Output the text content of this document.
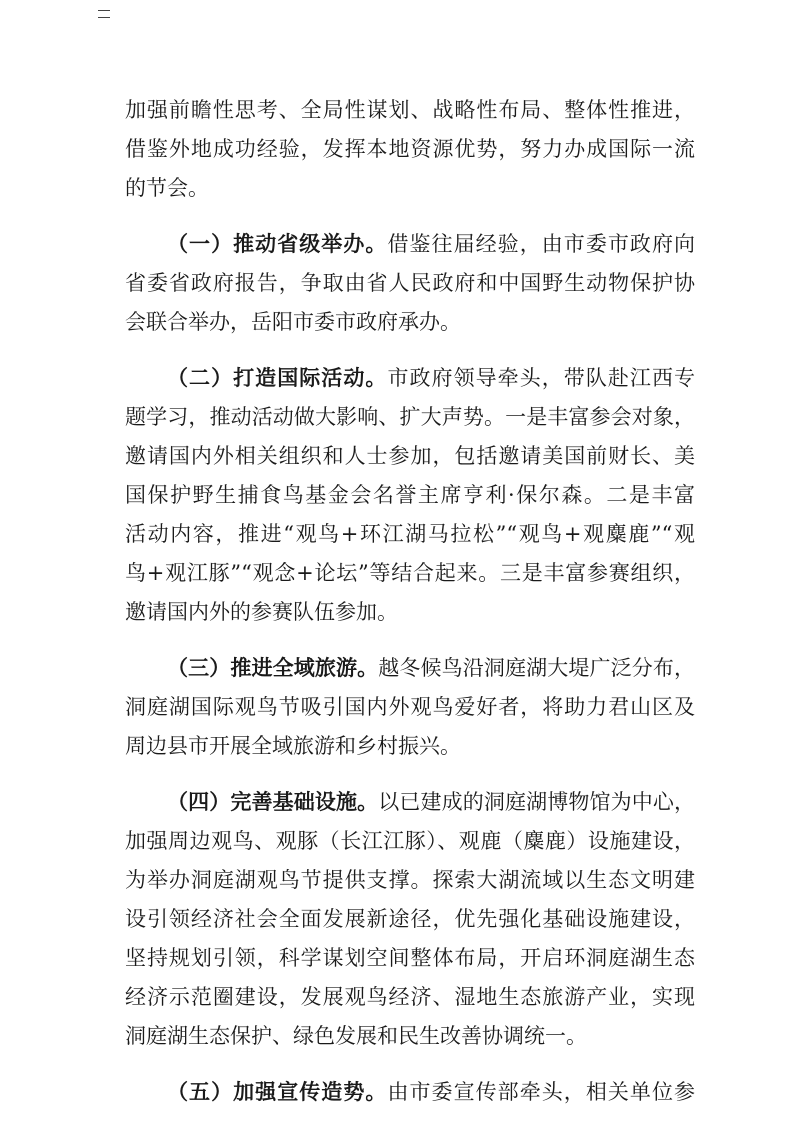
加强前瞻性思考、全局性谋划、战略性布局、整体性推进，
借鉴外地成功经验，发挥本地资源优势，努力办成国际一流
的节会。
（一）推动省级举办。借鉴往届经验，由市委市政府向
省委省政府报告，争取由省人民政府和中国野生动物保护协
会联合举办，岳阳市委市政府承办。
（二）打造国际活动。市政府领导牵头，带队赴江西专
题学习，推动活动做大影响、扩大声势。一是丰富参会对象，
邀请国内外相关组织和人士参加，包括邀请美国前财长、美
国保护野生捕食鸟基金会名誉主席亨利·保尔森。二是丰富
活动内容，推进“观鸟+环江湖马拉松”“观鸟+观麋鹿”“观
鸟+观江豚”“观念+论坛”等结合起来。三是丰富参赛组织，
邀请国内外的参赛队伍参加。
（三）推进全域旅游。越冬候鸟沿洞庭湖大堤广泛分布，
洞庭湖国际观鸟节吸引国内外观鸟爱好者，将助力君山区及
周边县市开展全域旅游和乡村振兴。
（四）完善基础设施。以已建成的洞庭湖博物馆为中心，
加强周边观鸟、观豚（长江江豚）、观鹿（麋鹿）设施建设，
为举办洞庭湖观鸟节提供支撑。探索大湖流域以生态文明建
设引领经济社会全面发展新途径，优先强化基础设施建设，
坚持规划引领，科学谋划空间整体布局，开启环洞庭湖生态
经济示范圈建设，发展观鸟经济、湿地生态旅游产业，实现
洞庭湖生态保护、绿色发展和民生改善协调统一。
（五）加强宣传造势。由市委宣传部牵头，相关单位参
